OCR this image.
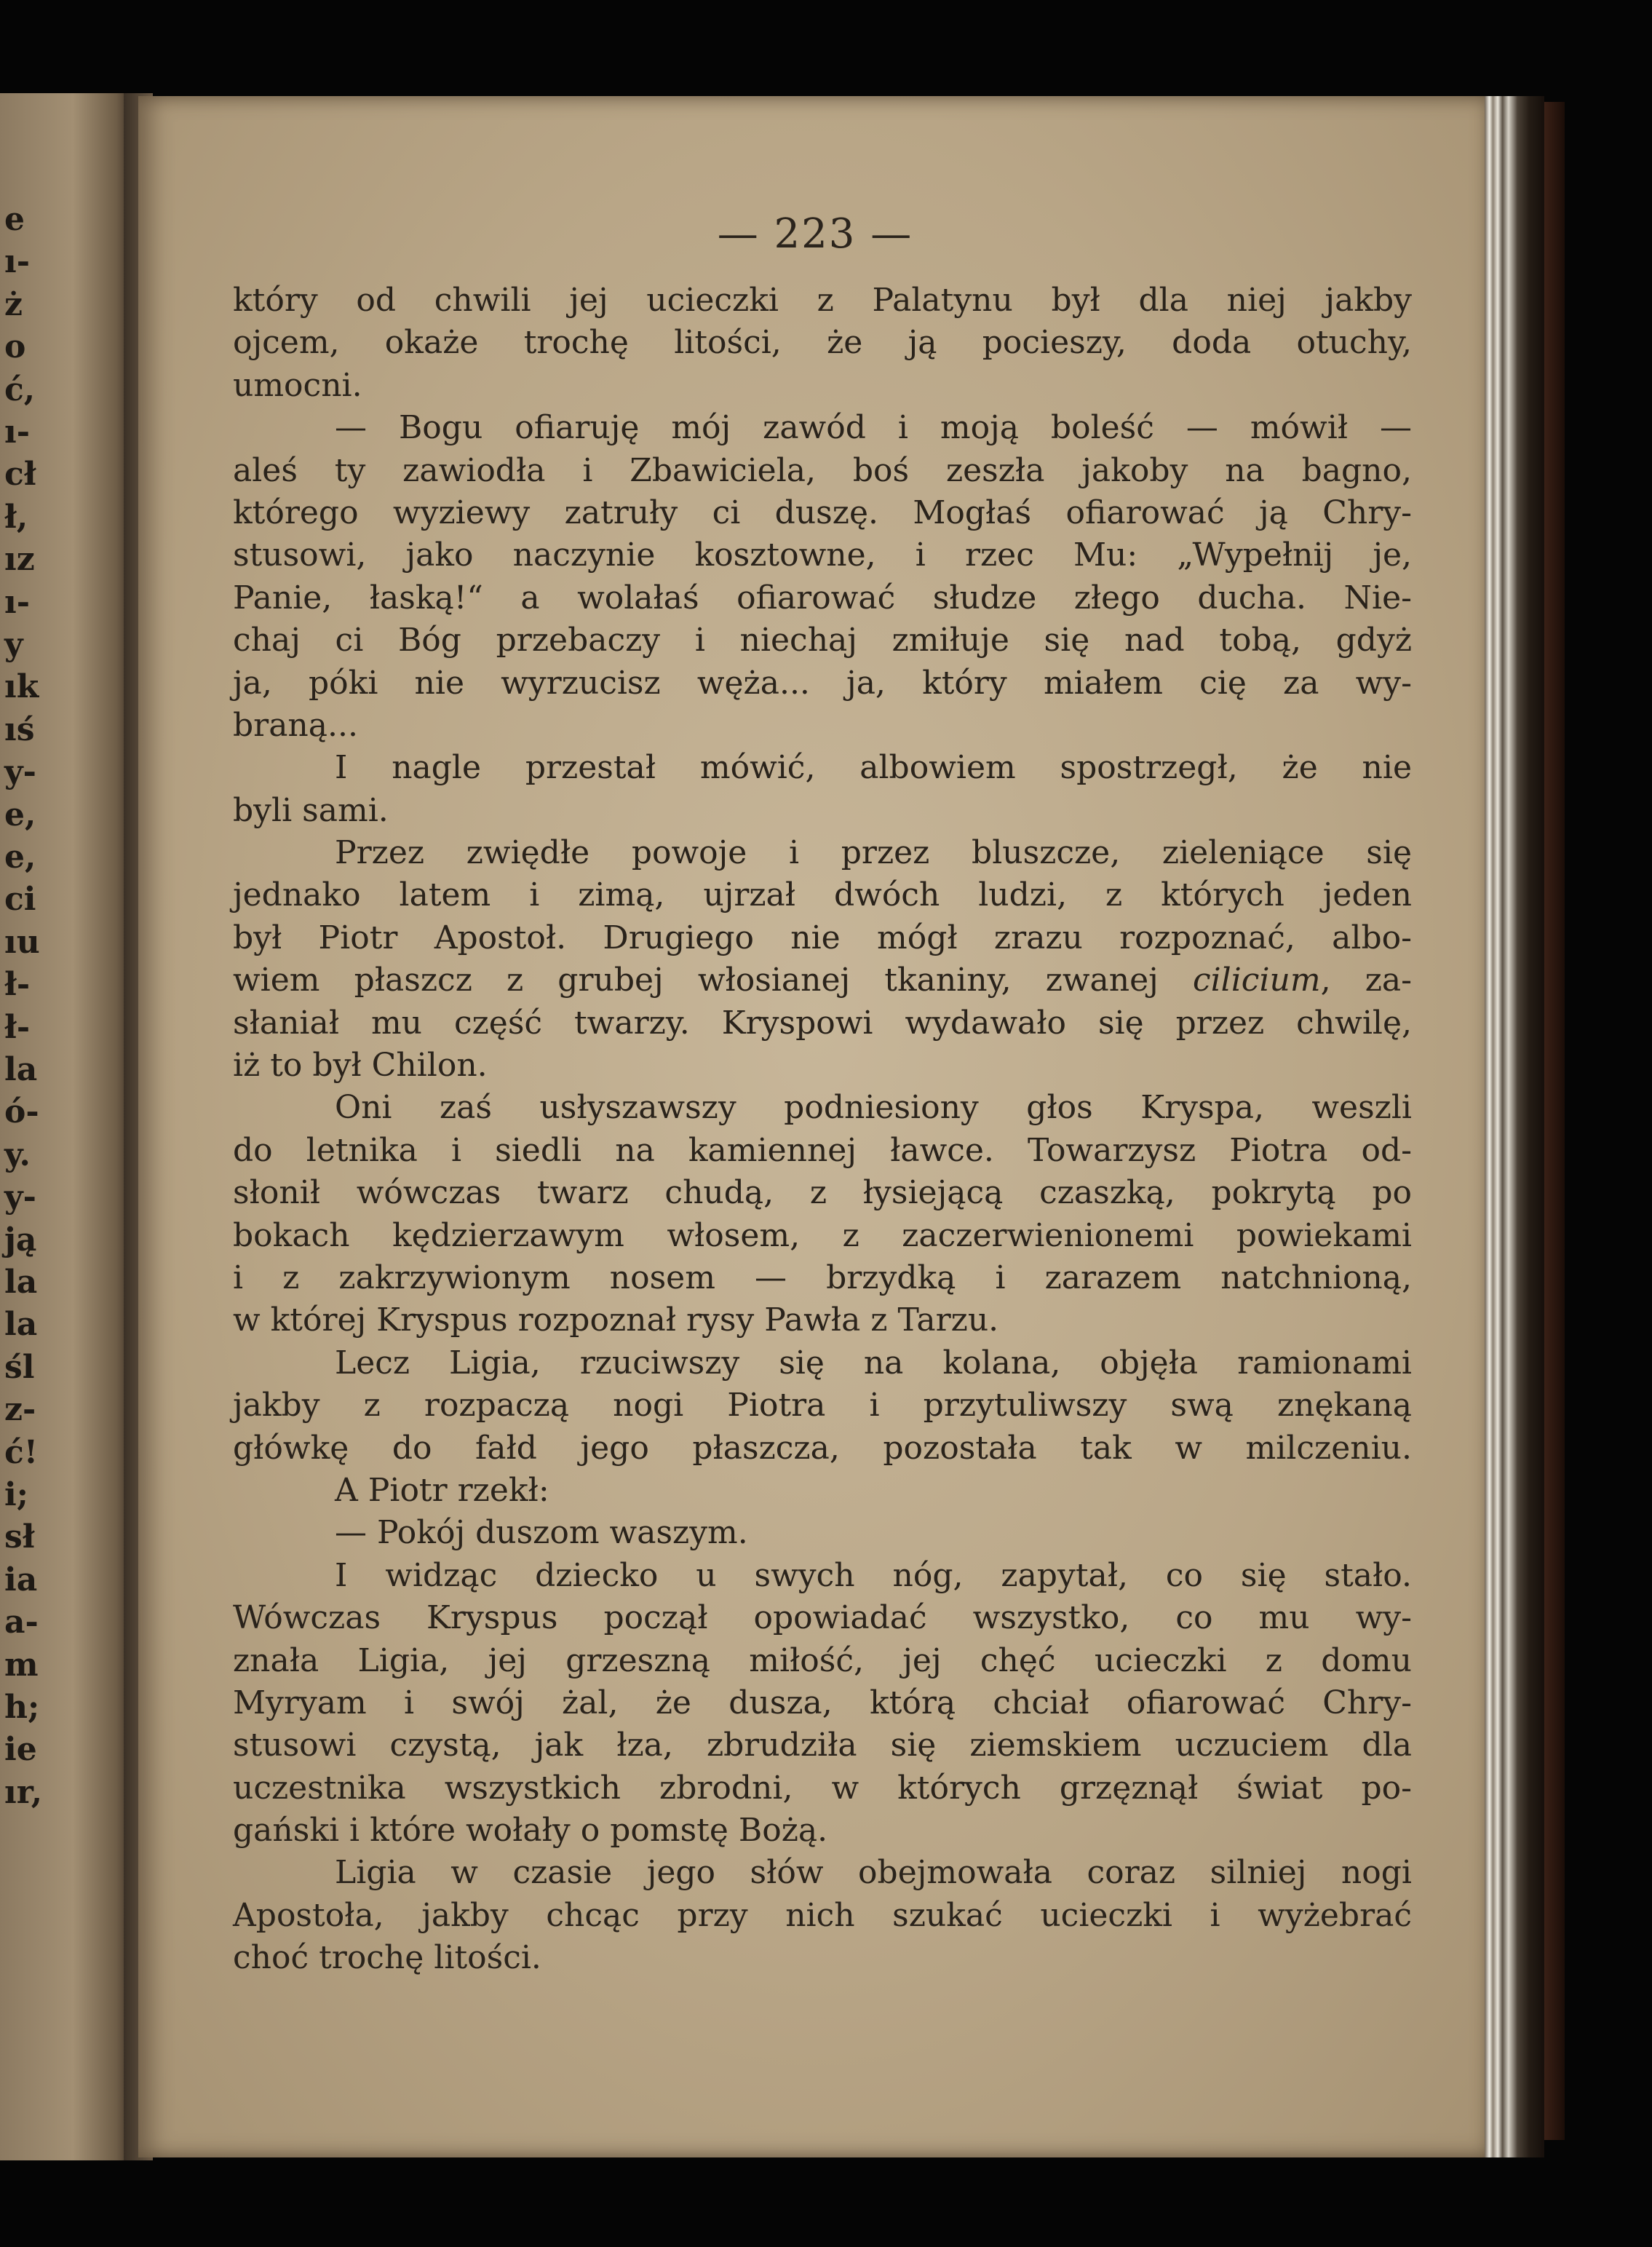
e
ı-
ż
o
ć,
ı-
cł
ł,
ız
ı-
y
ık
ıś
y-
e,
e,
ci
ıu
ł-
ł-
la
ó-
y.
y-
ją
la
la
śl
z-
ć!
i;
sł
ia
a-
m
h;
ie
ır,
— 223 —
który od chwili jej ucieczki z Palatynu był dla niej jakby
ojcem, okaże trochę litości, że ją pocieszy, doda otuchy,
umocni.
— Bogu ofiaruję mój zawód i moją boleść — mówił —
aleś ty zawiodła i Zbawiciela, boś zeszła jakoby na bagno,
którego wyziewy zatruły ci duszę. Mogłaś ofiarować ją Chry-
stusowi, jako naczynie kosztowne, i rzec Mu: „Wypełnij je,
Panie, łaską!“ a wolałaś ofiarować słudze złego ducha. Nie-
chaj ci Bóg przebaczy i niechaj zmiłuje się nad tobą, gdyż
ja, póki nie wyrzucisz węża... ja, który miałem cię za wy-
braną...
I nagle przestał mówić, albowiem spostrzegł, że nie
byli sami.
Przez zwiędłe powoje i przez bluszcze, zieleniące się
jednako latem i zimą, ujrzał dwóch ludzi, z których jeden
był Piotr Apostoł. Drugiego nie mógł zrazu rozpoznać, albo-
wiem płaszcz z grubej włosianej tkaniny, zwanej cilicium, za-
słaniał mu część twarzy. Kryspowi wydawało się przez chwilę,
iż to był Chilon.
Oni zaś usłyszawszy podniesiony głos Kryspa, weszli
do letnika i siedli na kamiennej ławce. Towarzysz Piotra od-
słonił wówczas twarz chudą, z łysiejącą czaszką, pokrytą po
bokach kędzierzawym włosem, z zaczerwienionemi powiekami
i z zakrzywionym nosem — brzydką i zarazem natchnioną,
w której Kryspus rozpoznał rysy Pawła z Tarzu.
Lecz Ligia, rzuciwszy się na kolana, objęła ramionami
jakby z rozpaczą nogi Piotra i przytuliwszy swą znękaną
główkę do fałd jego płaszcza, pozostała tak w milczeniu.
A Piotr rzekł:
— Pokój duszom waszym.
I widząc dziecko u swych nóg, zapytał, co się stało.
Wówczas Kryspus począł opowiadać wszystko, co mu wy-
znała Ligia, jej grzeszną miłość, jej chęć ucieczki z domu
Myryam i swój żal, że dusza, którą chciał ofiarować Chry-
stusowi czystą, jak łza, zbrudziła się ziemskiem uczuciem dla
uczestnika wszystkich zbrodni, w których grzęznął świat po-
gański i które wołały o pomstę Bożą.
Ligia w czasie jego słów obejmowała coraz silniej nogi
Apostoła, jakby chcąc przy nich szukać ucieczki i wyżebrać
choć trochę litości.
